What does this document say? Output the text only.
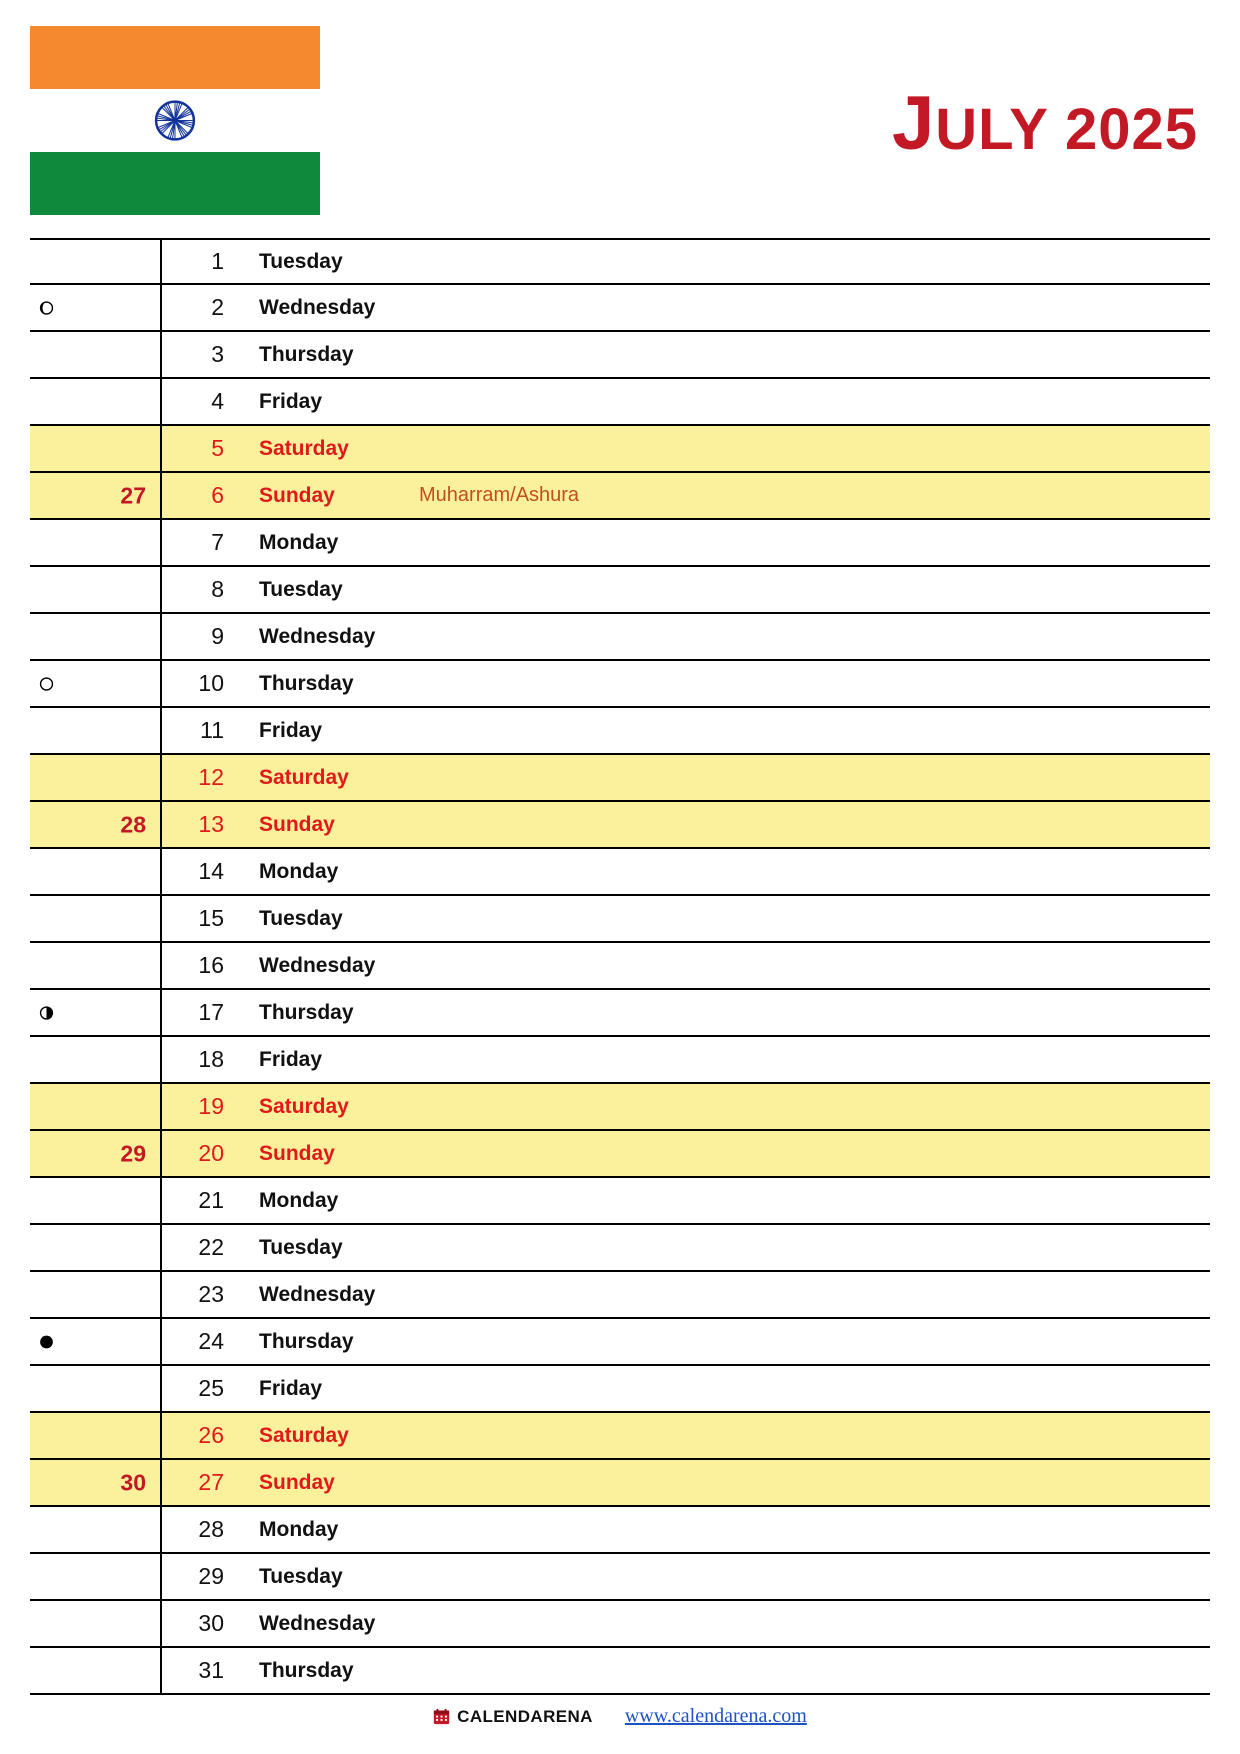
JULY 2025
1 Tuesday
2 Wednesday
3 Thursday
4 Friday
5 Saturday
27	6 Sunday	Muharram/Ashura
7 Monday
8 Tuesday
9 Wednesday
10 Thursday
11 Friday
12 Saturday
28	13 Sunday
14 Monday
15 Tuesday
16 Wednesday
17 Thursday
18 Friday
19 Saturday
29	20 Sunday
21 Monday
22 Tuesday
23 Wednesday
24 Thursday
25 Friday
26 Saturday
30	27 Sunday
28 Monday
29 Tuesday
30 Wednesday
31 Thursday
CALENDARENA www.calendarena.com
